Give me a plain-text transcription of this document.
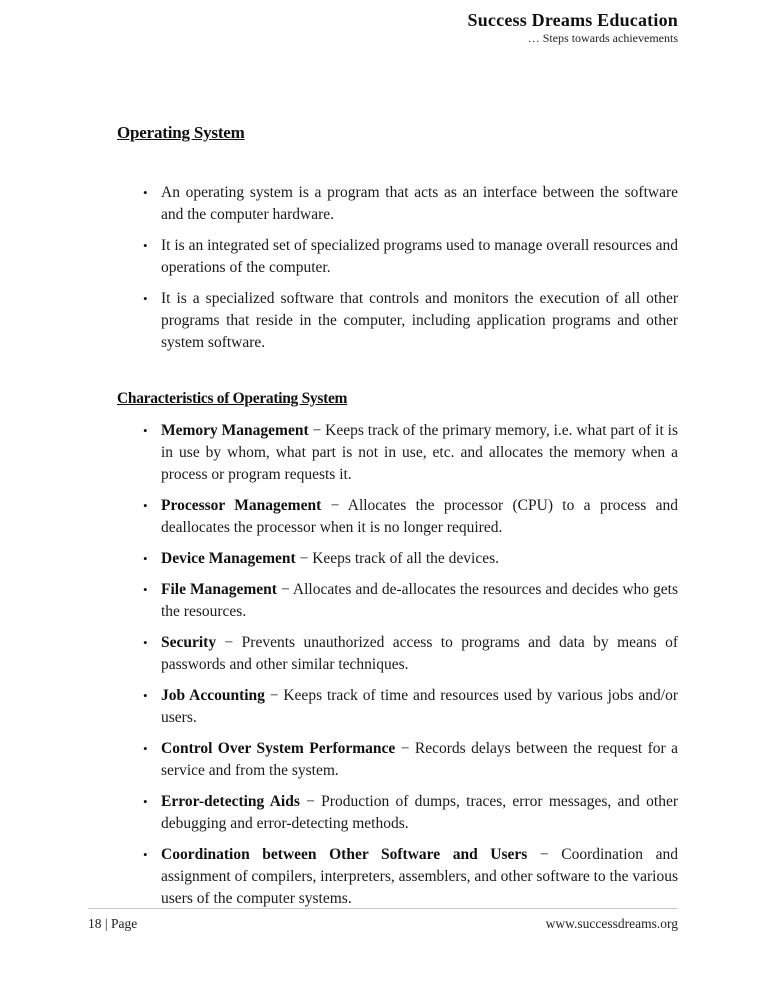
Success Dreams Education
… Steps towards achievements
Operating System
• An operating system is a program that acts as an interface between the software and the computer hardware.
• It is an integrated set of specialized programs used to manage overall resources and operations of the computer.
• It is a specialized software that controls and monitors the execution of all other programs that reside in the computer, including application programs and other system software.
Characteristics of Operating System
• Memory Management − Keeps track of the primary memory, i.e. what part of it is in use by whom, what part is not in use, etc. and allocates the memory when a process or program requests it.
• Processor Management − Allocates the processor (CPU) to a process and deallocates the processor when it is no longer required.
• Device Management − Keeps track of all the devices.
• File Management − Allocates and de-allocates the resources and decides who gets the resources.
• Security − Prevents unauthorized access to programs and data by means of passwords and other similar techniques.
• Job Accounting − Keeps track of time and resources used by various jobs and/or users.
• Control Over System Performance − Records delays between the request for a service and from the system.
• Error-detecting Aids − Production of dumps, traces, error messages, and other debugging and error-detecting methods.
• Coordination between Other Software and Users − Coordination and assignment of compilers, interpreters, assemblers, and other software to the various users of the computer systems.
18 | Page	www.successdreams.org
